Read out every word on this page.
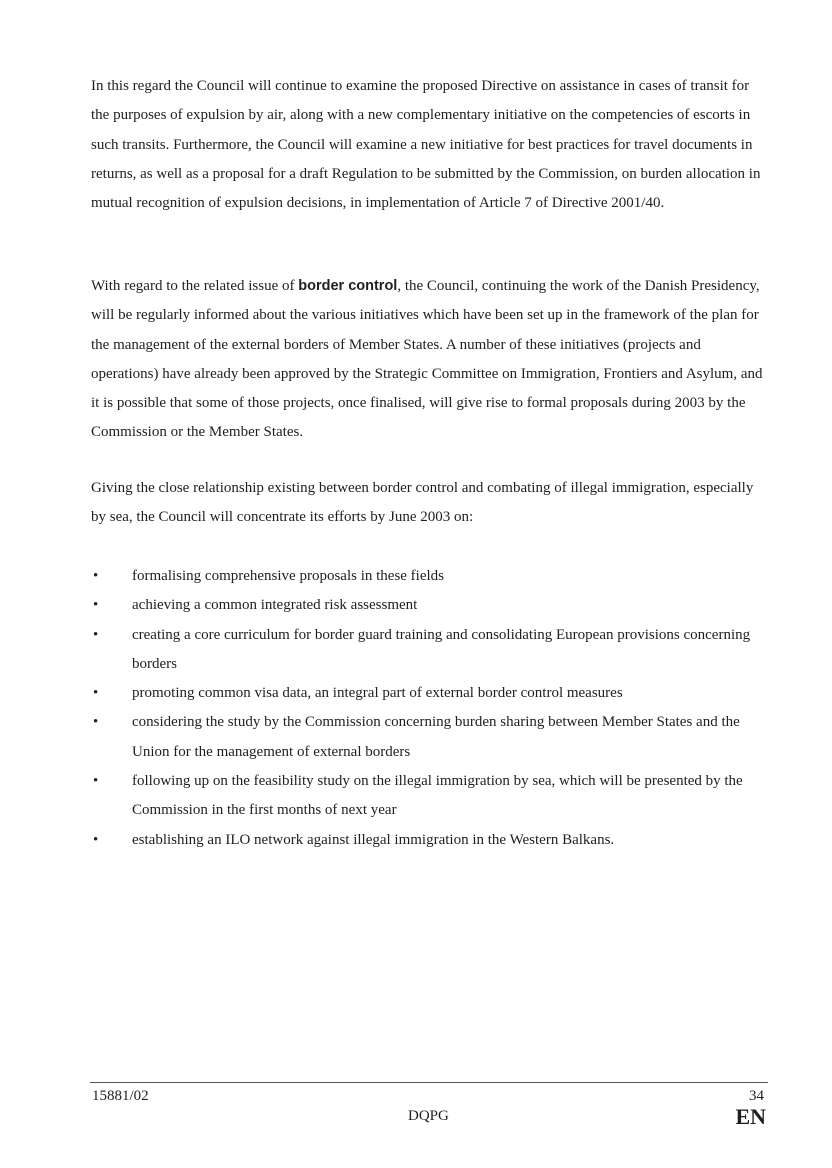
In this regard the Council will continue to examine the proposed Directive on assistance in cases of transit for the purposes of expulsion by air, along with a new complementary initiative on the competencies of escorts in such transits. Furthermore, the Council will examine a new initiative for best practices for travel documents in returns, as well as a proposal for a draft Regulation to be submitted by the Commission, on burden allocation in mutual recognition of expulsion decisions, in implementation of Article 7 of Directive 2001/40.

With regard to the related issue of border control, the Council, continuing the work of the Danish Presidency, will be regularly informed about the various initiatives which have been set up in the framework of the plan for the management of the external borders of Member States. A number of these initiatives (projects and operations) have already been approved by the Strategic Committee on Immigration, Frontiers and Asylum, and it is possible that some of those projects, once finalised, will give rise to formal proposals during 2003 by the Commission or the Member States.

Giving the close relationship existing between border control and combating of illegal immigration, especially by sea, the Council will concentrate its efforts by June 2003 on:

• formalising comprehensive proposals in these fields
• achieving a common integrated risk assessment
• creating a core curriculum for border guard training and consolidating European provisions concerning borders
• promoting common visa data, an integral part of external border control measures
• considering the study by the Commission concerning burden sharing between Member States and the Union for the management of external borders
• following up on the feasibility study on the illegal immigration by sea, which will be presented by the Commission in the first months of next year
• establishing an ILO network against illegal immigration in the Western Balkans.
15881/02
DQPG
34
EN
